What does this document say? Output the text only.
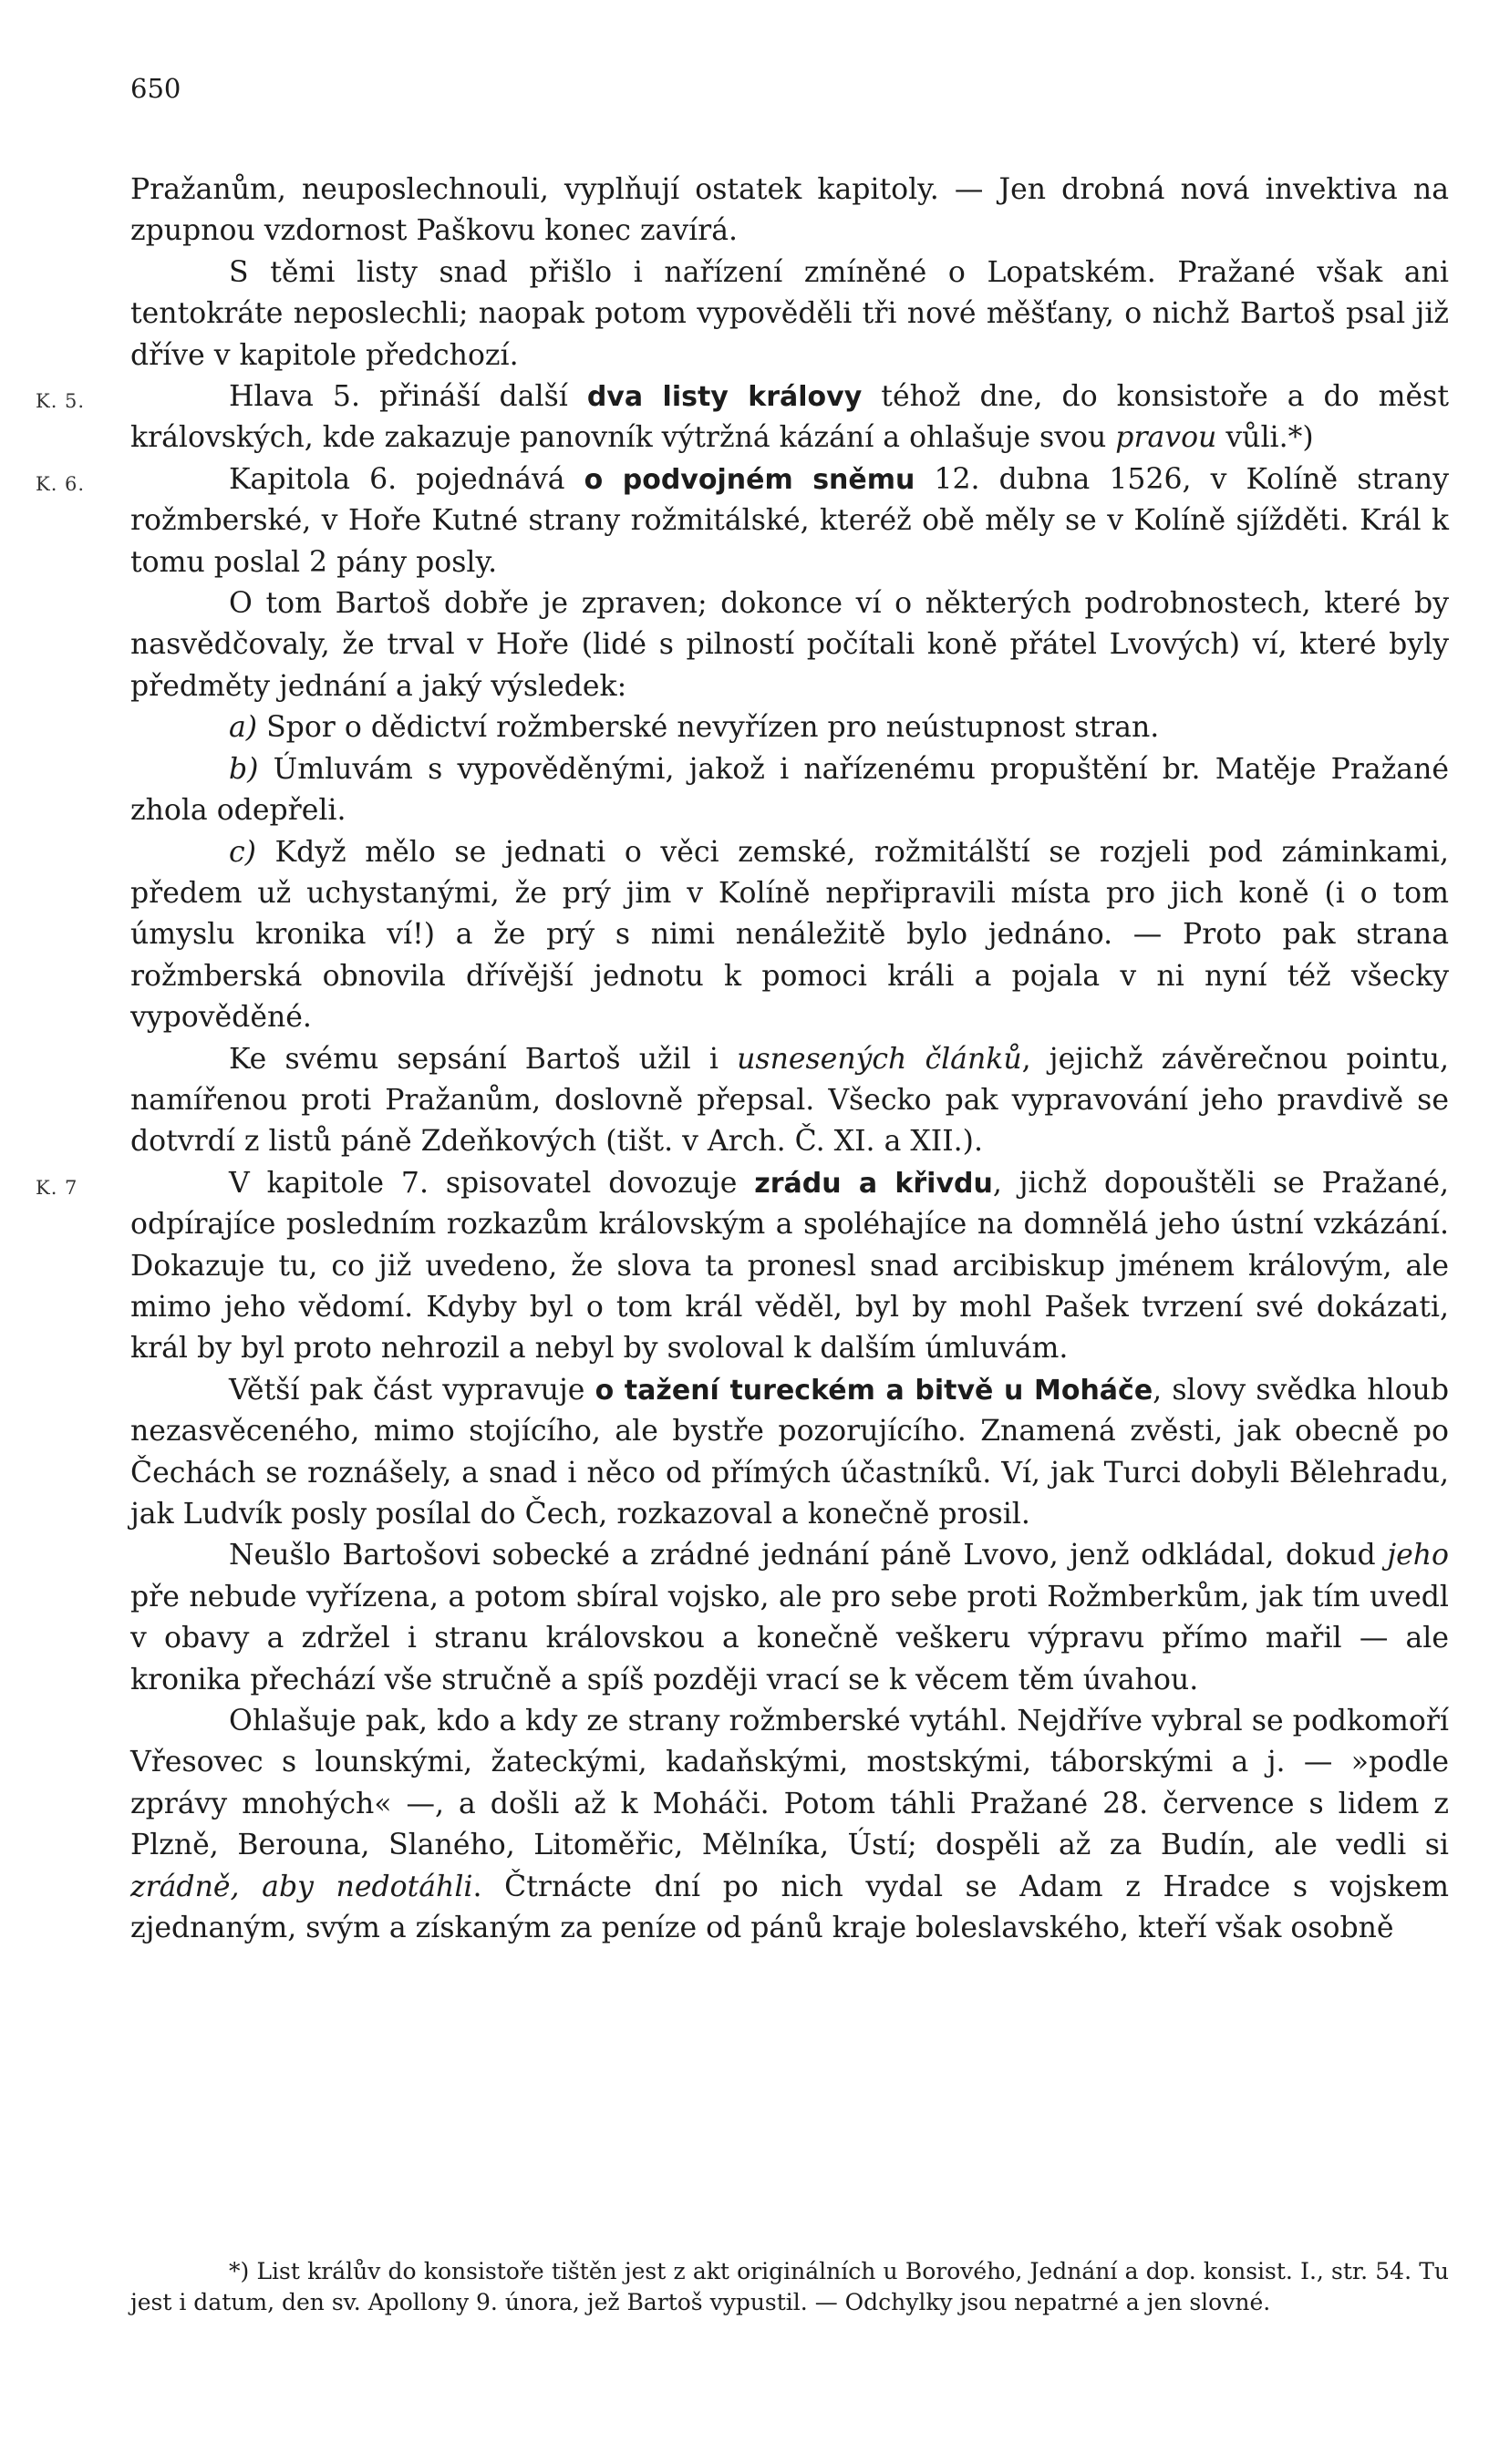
650

Pražanům, neuposlechnouli, vyplňují ostatek kapitoly. — Jen drobná nová invektiva na zpupnou vzdornost Paškovu konec zavírá.

S těmi listy snad přišlo i nařízení zmíněné o Lopatském. Pražané však ani tentokráte neposlechli; naopak potom vypověděli tři nové měšťany, o nichž Bartoš psal již dříve v kapitole předchozí.

K. 5.	Hlava 5. přináší další dva listy královy téhož dne, do konsistoře a do měst královských, kde zakazuje panovník výtržná kázání a ohlašuje svou pravou vůli.*)

K. 6.	Kapitola 6. pojednává o podvojném sněmu 12. dubna 1526, v Kolíně strany rožmberské, v Hoře Kutné strany rožmitálské, kteréž obě měly se v Kolíně sjížděti. Král k tomu poslal 2 pány posly.

O tom Bartoš dobře je zpraven; dokonce ví o některých podrobnostech, které by nasvědčovaly, že trval v Hoře (lidé s pilností počítali koně přátel Lvových) ví, které byly předměty jednání a jaký výsledek:

a) Spor o dědictví rožmberské nevyřízen pro neústupnost stran.

b) Úmluvám s vypověděnými, jakož i nařízenému propuštění br. Matěje Pražané zhola odepřeli.

c) Když mělo se jednati o věci zemské, rožmitálští se rozjeli pod záminkami, předem už uchystanými, že prý jim v Kolíně nepřipravili místa pro jich koně (i o tom úmyslu kronika ví!) a že prý s nimi nenáležitě bylo jednáno. — Proto pak strana rožmberská obnovila dřívější jednotu k pomoci králi a pojala v ni nyní též všecky vypověděné.

Ke svému sepsání Bartoš užil i usnesených článků, jejichž závěrečnou pointu, namířenou proti Pražanům, doslovně přepsal. Všecko pak vypravování jeho pravdivě se dotvrdí z listů páně Zdeňkových (tišt. v Arch. Č. XI. a XII.).

K. 7	V kapitole 7. spisovatel dovozuje zrádu a křivdu, jichž dopouštěli se Pražané, odpírajíce posledním rozkazům královským a spoléhajíce na domnělá jeho ústní vzkázání. Dokazuje tu, co již uvedeno, že slova ta pronesl snad arcibiskup jménem královým, ale mimo jeho vědomí. Kdyby byl o tom král věděl, byl by mohl Pašek tvrzení své dokázati, král by byl proto nehrozil a nebyl by svoloval k dalším úmluvám.

Větší pak část vypravuje o tažení tureckém a bitvě u Moháče, slovy svědka hloub nezasvěceného, mimo stojícího, ale bystře pozorujícího. Znamená zvěsti, jak obecně po Čechách se roznášely, a snad i něco od přímých účastníků. Ví, jak Turci dobyli Bělehradu, jak Ludvík posly posílal do Čech, rozkazoval a konečně prosil.

Neušlo Bartošovi sobecké a zrádné jednání páně Lvovo, jenž odkládal, dokud jeho pře nebude vyřízena, a potom sbíral vojsko, ale pro sebe proti Rožmberkům, jak tím uvedl v obavy a zdržel i stranu královskou a konečně veškeru výpravu přímo mařil — ale kronika přechází vše stručně a spíš později vrací se k věcem těm úvahou.

Ohlašuje pak, kdo a kdy ze strany rožmberské vytáhl. Nejdříve vybral se podkomoří Vřesovec s lounskými, žateckými, kadaňskými, mostskými, táborskými a j. — »podle zprávy mnohých« —, a došli až k Moháči. Potom táhli Pražané 28. července s lidem z Plzně, Berouna, Slaného, Litoměřic, Mělníka, Ústí; dospěli až za Budín, ale vedli si zrádně, aby nedotáhli. Čtrnácte dní po nich vydal se Adam z Hradce s vojskem zjednaným, svým a získaným za peníze od pánů kraje boleslavského, kteří však osobně

*) List králův do konsistoře tištěn jest z akt originálních u Borového, Jednání a dop. konsist. I., str. 54. Tu jest i datum, den sv. Apollony 9. února, jež Bartoš vypustil. — Odchylky jsou nepatrné a jen slovné.
